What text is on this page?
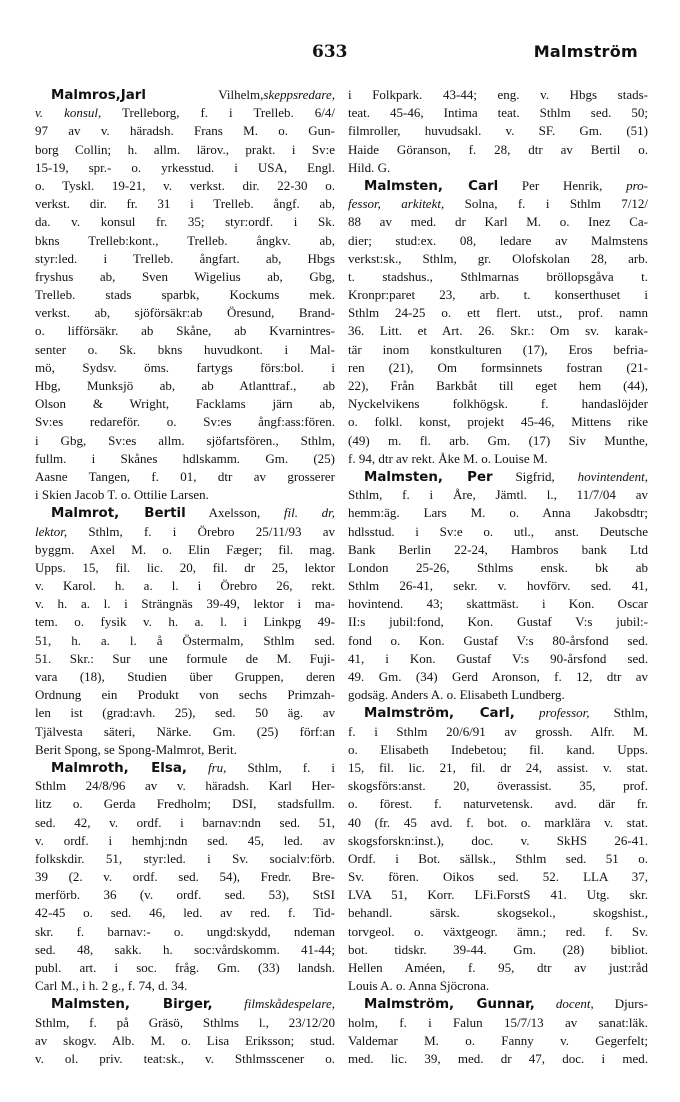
633	Malmström
Malmros,Jarl Vilhelm,skeppsredare,
v. konsul, Trelleborg, f. i Trelleb. 6/4/
97 av v. häradsh. Frans M. o. Gun-
borg Collin; h. allm. lärov., prakt. i Sv:e
15-19, spr.- o. yrkesstud. i USA, Engl.
o. Tyskl. 19-21, v. verkst. dir. 22-30 o.
verkst. dir. fr. 31 i Trelleb. ångf. ab,
da. v. konsul fr. 35; styr:ordf. i Sk.
bkns Trelleb:kont., Trelleb. ångkv. ab,
styr:led. i Trelleb. ångfart. ab, Hbgs
fryshus ab, Sven Wigelius ab, Gbg,
Trelleb. stads sparbk, Kockums mek.
verkst. ab, sjöförsäkr:ab Öresund, Brand-
o. lifförsäkr. ab Skåne, ab Kvarnintres-
senter o. Sk. bkns huvudkont. i Mal-
mö, Sydsv. öms. fartygs förs:bol. i
Hbg, Munksjö ab, ab Atlanttraf., ab
Olson & Wright, Facklams järn ab,
Sv:es redareför. o. Sv:es ångf:ass:fören.
i Gbg, Sv:es allm. sjöfartsfören., Sthlm,
fullm. i Skånes hdlskamm. Gm. (25)
Aasne Tangen, f. 01, dtr av grosserer
i Skien Jacob T. o. Ottilie Larsen.
Malmrot, Bertil Axelsson, fil. dr,
lektor, Sthlm, f. i Örebro 25/11/93 av
byggm. Axel M. o. Elin Fæger; fil. mag.
Upps. 15, fil. lic. 20, fil. dr 25, lektor
v. Karol. h. a. l. i Örebro 26, rekt.
v. h. a. l. i Strängnäs 39-49, lektor i ma-
tem. o. fysik v. h. a. l. i Linkpg 49-
51, h. a. l. å Östermalm, Sthlm sed.
51. Skr.: Sur une formule de M. Fuji-
vara (18), Studien über Gruppen, deren
Ordnung ein Produkt von sechs Primzah-
len ist (grad:avh. 25), sed. 50 äg. av
Tjälvesta säteri, Närke. Gm. (25) förf:an
Berit Spong, se Spong-Malmrot, Berit.
Malmroth, Elsa, fru, Sthlm, f. i
Sthlm 24/8/96 av v. häradsh. Karl Her-
litz o. Gerda Fredholm; DSI, stadsfullm.
sed. 42, v. ordf. i barnav:ndn sed. 51,
v. ordf. i hemhj:ndn sed. 45, led. av
folkskdir. 51, styr:led. i Sv. socialv:förb.
39 (2. v. ordf. sed. 54), Fredr. Bre-
merförb. 36 (v. ordf. sed. 53), StSI
42-45 o. sed. 46, led. av red. f. Tid-
skr. f. barnav:- o. ungd:skydd, ndeman
sed. 48, sakk. h. soc:vårdskomm. 41-44;
publ. art. i soc. fråg. Gm. (33) landsh.
Carl M., i h. 2 g., f. 74, d. 34.
Malmsten, Birger, filmskådespelare,
Sthlm, f. på Gräsö, Sthlms l., 23/12/20
av skogv. Alb. M. o. Lisa Eriksson; stud.
v. ol. priv. teat:sk., v. Sthlmsscener o.
i Folkpark. 43-44; eng. v. Hbgs stads-
teat. 45-46, Intima teat. Sthlm sed. 50;
filmroller, huvudsakl. v. SF. Gm. (51)
Haide Göranson, f. 28, dtr av Bertil o.
Hild. G.
Malmsten, Carl Per Henrik, pro-
fessor, arkitekt, Solna, f. i Sthlm 7/12/
88 av med. dr Karl M. o. Inez Ca-
dier; stud:ex. 08, ledare av Malmstens
verkst:sk., Sthlm, gr. Olofskolan 28, arb.
t. stadshus., Sthlmarnas bröllopsgåva t.
Kronpr:paret 23, arb. t. konserthuset i
Sthlm 24-25 o. ett flert. utst., prof. namn
36. Litt. et Art. 26. Skr.: Om sv. karak-
tär inom konstkulturen (17), Eros befria-
ren (21), Om formsinnets fostran (21-
22), Från Barkbåt till eget hem (44),
Nyckelvikens folkhögsk. f. handaslöjder
o. folkl. konst, projekt 45-46, Mittens rike
(49) m. fl. arb. Gm. (17) Siv Munthe,
f. 94, dtr av rekt. Åke M. o. Louise M.
Malmsten, Per Sigfrid, hovintendent,
Sthlm, f. i Åre, Jämtl. l., 11/7/04 av
hemm:äg. Lars M. o. Anna Jakobsdtr;
hdlsstud. i Sv:e o. utl., anst. Deutsche
Bank Berlin 22-24, Hambros bank Ltd
London 25-26, Sthlms ensk. bk ab
Sthlm 26-41, sekr. v. hovförv. sed. 41,
hovintend. 43; skattmäst. i Kon. Oscar
II:s jubil:fond, Kon. Gustaf V:s jubil:-
fond o. Kon. Gustaf V:s 80-årsfond sed.
41, i Kon. Gustaf V:s 90-årsfond sed.
49. Gm. (34) Gerd Aronson, f. 12, dtr av
godsäg. Anders A. o. Elisabeth Lundberg.
Malmström, Carl, professor, Sthlm,
f. i Sthlm 20/6/91 av grossh. Alfr. M.
o. Elisabeth Indebetou; fil. kand. Upps.
15, fil. lic. 21, fil. dr 24, assist. v. stat.
skogsförs:anst. 20, överassist. 35, prof.
o. förest. f. naturvetensk. avd. där fr.
40 (fr. 45 avd. f. bot. o. marklära v. stat.
skogsforskn:inst.), doc. v. SkHS 26-41.
Ordf. i Bot. sällsk., Sthlm sed. 51 o.
Sv. fören. Oikos sed. 52. LLA 37,
LVA 51, Korr. LFi.ForstS 41. Utg. skr.
behandl. särsk. skogsekol., skogshist.,
torvgeol. o. växtgeogr. ämn.; red. f. Sv.
bot. tidskr. 39-44. Gm. (28) bibliot.
Hellen Améen, f. 95, dtr av just:råd
Louis A. o. Anna Sjöcrona.
Malmström, Gunnar, docent, Djurs-
holm, f. i Falun 15/7/13 av sanat:läk.
Valdemar M. o. Fanny v. Gegerfelt;
med. lic. 39, med. dr 47, doc. i med.
